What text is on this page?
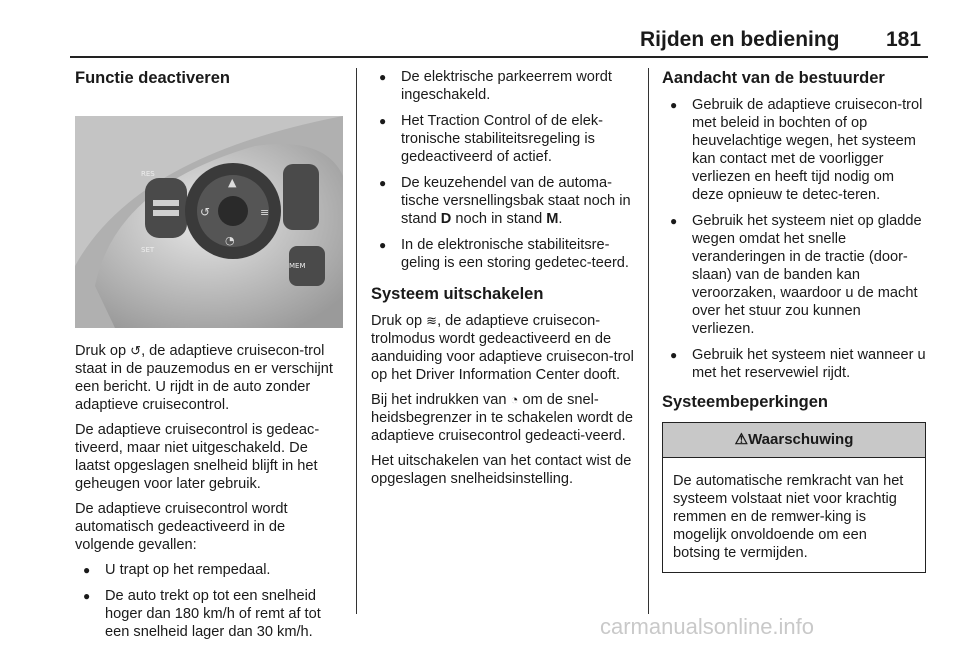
Rijden en bediening 181
Functie deactiveren
↺	≡
▲
◔
MEM
RES
SET

Druk op ↺, de adaptieve cruisecon-trol staat in de pauzemodus en er verschijnt een bericht. U rijdt in de auto zonder adaptieve cruisecontrol.

De adaptieve cruisecontrol is gedeac-tiveerd, maar niet uitgeschakeld. De laatst opgeslagen snelheid blijft in het geheugen voor later gebruik.

De adaptieve cruisecontrol wordt automatisch gedeactiveerd in de volgende gevallen:

● U trapt op het rempedaal.
● De auto trekt op tot een snelheid hoger dan 180 km/h of remt af tot een snelheid lager dan 30 km/h.
● De elektrische parkeerrem wordt ingeschakeld.
● Het Traction Control of de elek-tronische stabiliteitsregeling is gedeactiveerd of actief.
● De keuzehendel van de automa-tische versnellingsbak staat noch in stand D noch in stand M.
● In de elektronische stabiliteitsre-geling is een storing gedetec-teerd.
Systeem uitschakelen

Druk op ≋, de adaptieve cruisecon-trolmodus wordt gedeactiveerd en de aanduiding voor adaptieve cruisecon-trol op het Driver Information Center dooft.

Bij het indrukken van ◔ om de snel-heidsbegrenzer in te schakelen wordt de adaptieve cruisecontrol gedeacti-veerd.

Het uitschakelen van het contact wist de opgeslagen snelheidsinstelling.

Aandacht van de bestuurder
● Gebruik de adaptieve cruisecon-trol met beleid in bochten of op heuvelachtige wegen, het systeem kan contact met de voorligger verliezen en heeft tijd nodig om deze opnieuw te detec-teren.
● Gebruik het systeem niet op gladde wegen omdat het snelle veranderingen in de tractie (door-slaan) van de banden kan veroorzaken, waardoor u de macht over het stuur zou kunnen verliezen.
● Gebruik het systeem niet wanneer u met het reservewiel rijdt.
Systeembeperkingen
⚠Waarschuwing
De automatische remkracht van het systeem volstaat niet voor krachtig remmen en de remwer-king is mogelijk onvoldoende om een botsing te vermijden.
carmanualsonline.info
